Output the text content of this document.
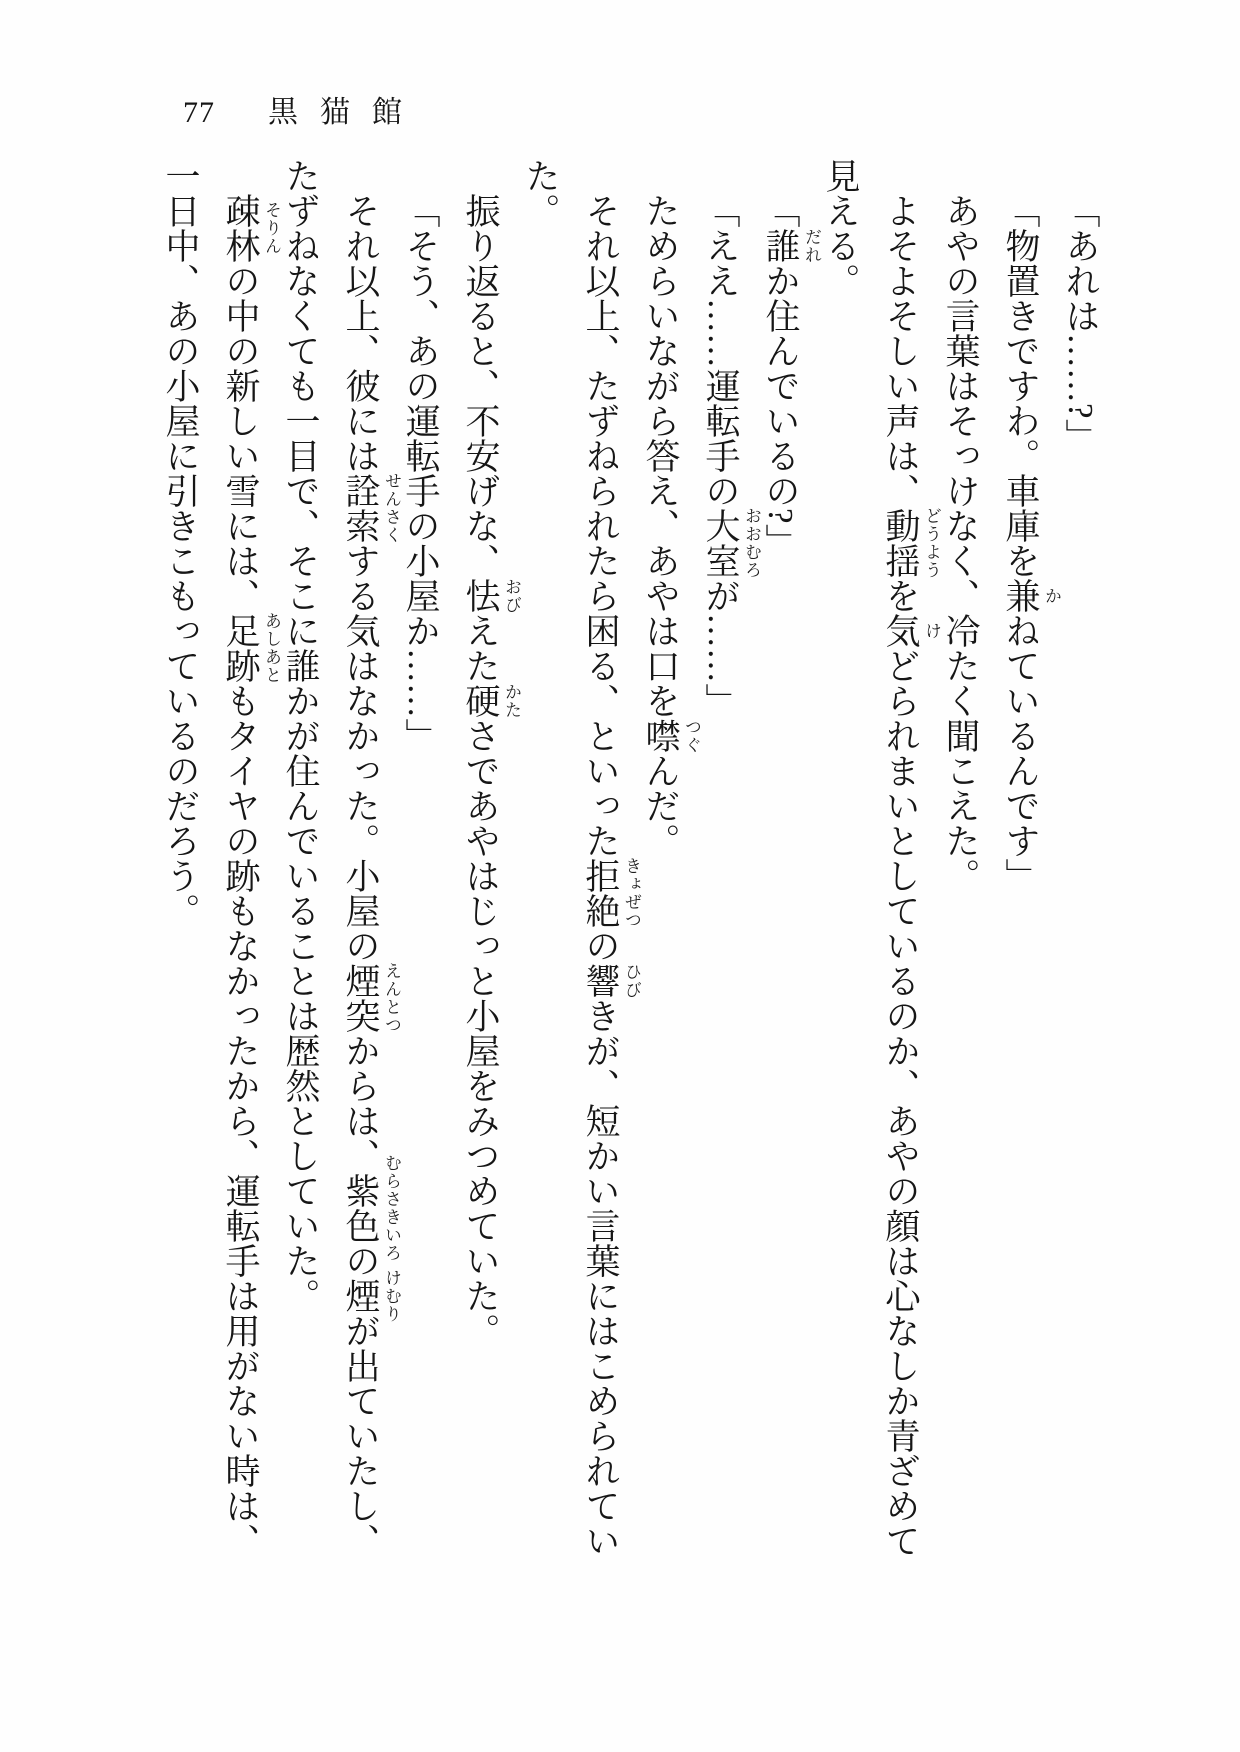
77 黒猫館

「あれは……?」

「物置きですわ。車庫を兼 か
ねているんです」

あやの言葉はそっけなく、冷たく聞こえた。

よそよそしい声は、動揺 どうよう
を気 け
どられまいとしているのか、あやの顔は心なしか青ざめて見える。

「誰 だれ
か住んでいるの?」

「ええ……運転手の大室 おおむろ
が……」

ためらいながら答え、あやは口を噤 つぐ
んだ。

それ以上、たずねられたら困る、といった拒絶 きょぜつ
の響 ひび
きが、短かい言葉にはこめられていた。

振り返ると、不安げな、怯 おび
えた硬 かた
さであやはじっと小屋をみつめていた。

「そう、あの運転手の小屋か……」

それ以上、彼には詮索 せんさく
する気はなかった。小屋の煙突 えんとつ
からは、紫色 むらさきいろ
の煙 けむり
が出ていたし、たずねなくても一目で、そこに誰かが住んでいることは歴然としていた。

疎林 そりん
の中の新しい雪には、足跡 あしあと
もタイヤの跡もなかったから、運転手は用がない時は、一日中、あの小屋に引きこもっているのだろう。
